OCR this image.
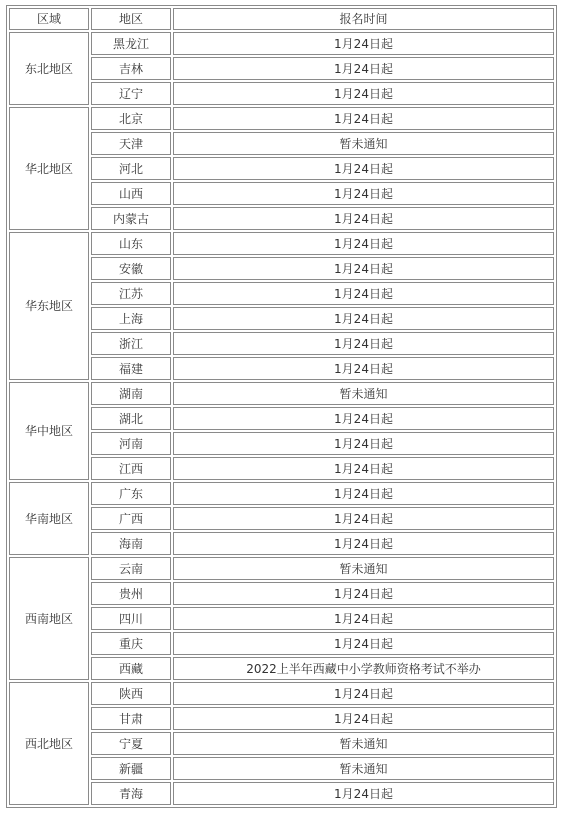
区域	地区	报名时间
东北地区	黑龙江	1月24日起
	吉林	1月24日起
	辽宁	1月24日起
华北地区	北京	1月24日起
	天津	暂未通知
	河北	1月24日起
	山西	1月24日起
	内蒙古	1月24日起
华东地区	山东	1月24日起
	安徽	1月24日起
	江苏	1月24日起
	上海	1月24日起
	浙江	1月24日起
	福建	1月24日起
华中地区	湖南	暂未通知
	湖北	1月24日起
	河南	1月24日起
	江西	1月24日起
华南地区	广东	1月24日起
	广西	1月24日起
	海南	1月24日起
西南地区	云南	暂未通知
	贵州	1月24日起
	四川	1月24日起
	重庆	1月24日起
	西藏	2022上半年西藏中小学教师资格考试不举办
西北地区	陕西	1月24日起
	甘肃	1月24日起
	宁夏	暂未通知
	新疆	暂未通知
	青海	1月24日起
